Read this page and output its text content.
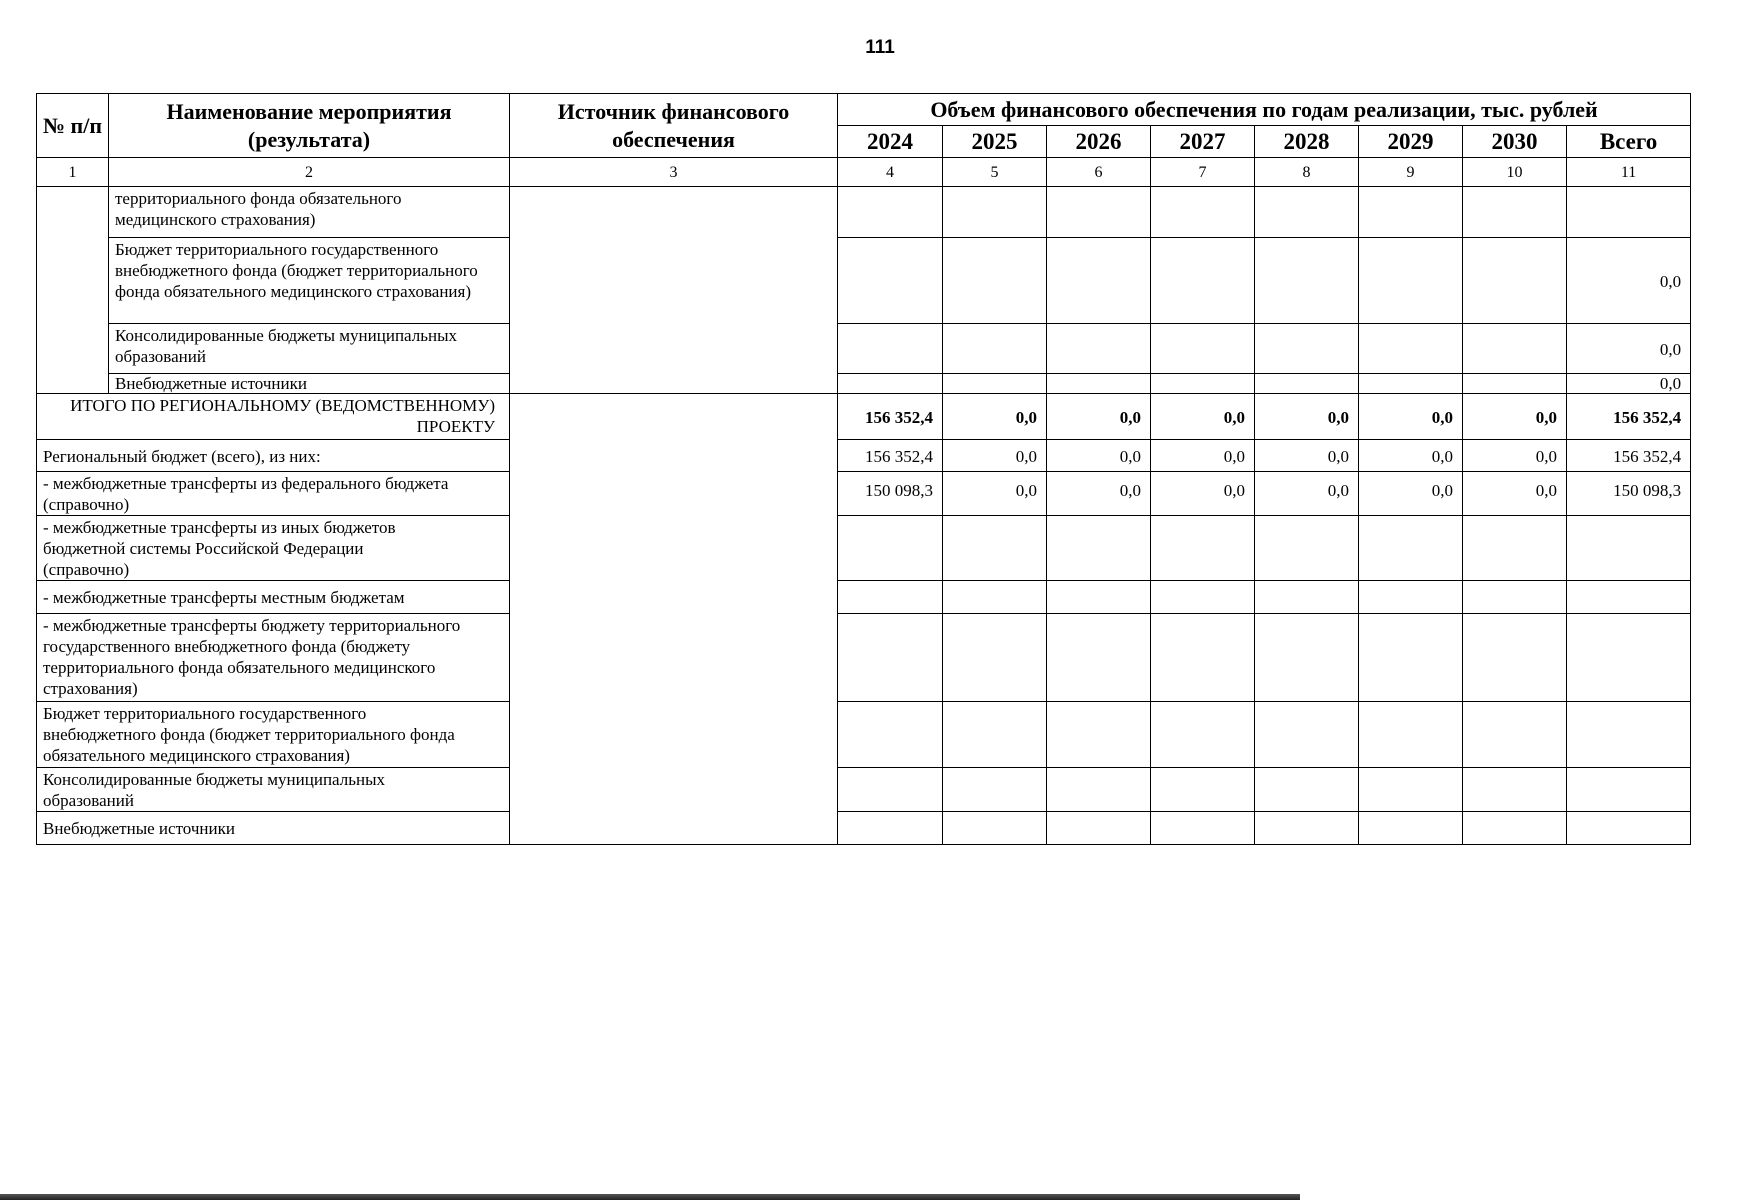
111
№ п/п	Наименование мероприятия (результата)	Источник финансового обеспечения	Объем финансового обеспечения по годам реализации, тыс. рублей							
			2024	2025	2026	2027	2028	2029	2030	Всего
1	2	3	4	5	6	7	8	9	10	11
	территориального фонда обязательного медицинского страхования)									
	Бюджет территориального государственного внебюджетного фонда (бюджет территориального фонда обязательного медицинского страхования)									0,0
	Консолидированные бюджеты муниципальных образований									0,0
	Внебюджетные источники									0,0
ИТОГО ПО РЕГИОНАЛЬНОМУ (ВЕДОМСТВЕННОМУ) ПРОЕКТУ			156 352,4	0,0	0,0	0,0	0,0	0,0	0,0	156 352,4
Региональный бюджет (всего), из них:			156 352,4	0,0	0,0	0,0	0,0	0,0	0,0	156 352,4
- межбюджетные трансферты из федерального бюджета (справочно)			150 098,3	0,0	0,0	0,0	0,0	0,0	0,0	150 098,3
- межбюджетные трансферты из иных бюджетов бюджетной системы Российской Федерации (справочно)										
- межбюджетные трансферты местным бюджетам										
- межбюджетные трансферты бюджету территориального государственного внебюджетного фонда (бюджету территориального фонда обязательного медицинского страхования)										
Бюджет территориального государственного внебюджетного фонда (бюджет территориального фонда обязательного медицинского страхования)										
Консолидированные бюджеты муниципальных образований										
Внебюджетные источники										
